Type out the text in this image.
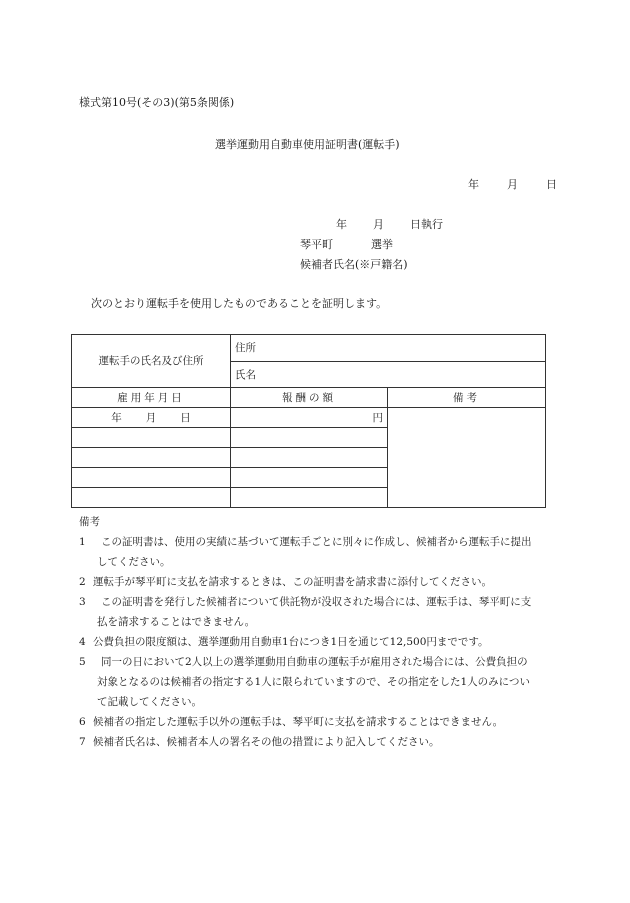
様式第10号(その3)(第5条関係)
選挙運動用自動車使用証明書(運転手)
年	月	日
年 月 日執行
琴平町	選挙
候補者氏名(※戸籍名)
次のとおり運転手を使用したものであることを証明します。
運転手の氏名及び住所	住所	
	氏名	
雇用年月日	報酬の額	備考
年 月 日	円	

備考
1	この証明書は、使用の実績に基づいて運転手ごとに別々に作成し、候補者から運転手に提出
してください。
2 運転手が琴平町に支払を請求するときは、この証明書を請求書に添付してください。
3	この証明書を発行した候補者について供託物が没収された場合には、運転手は、琴平町に支
払を請求することはできません。
4 公費負担の限度額は、選挙運動用自動車1台につき1日を通じて12,500円までです。
5	同一の日において2人以上の選挙運動用自動車の運転手が雇用された場合には、公費負担の
対象となるのは候補者の指定する1人に限られていますので、その指定をした1人のみについ
て記載してください。
6 候補者の指定した運転手以外の運転手は、琴平町に支払を請求することはできません。
7 候補者氏名は、候補者本人の署名その他の措置により記入してください。
